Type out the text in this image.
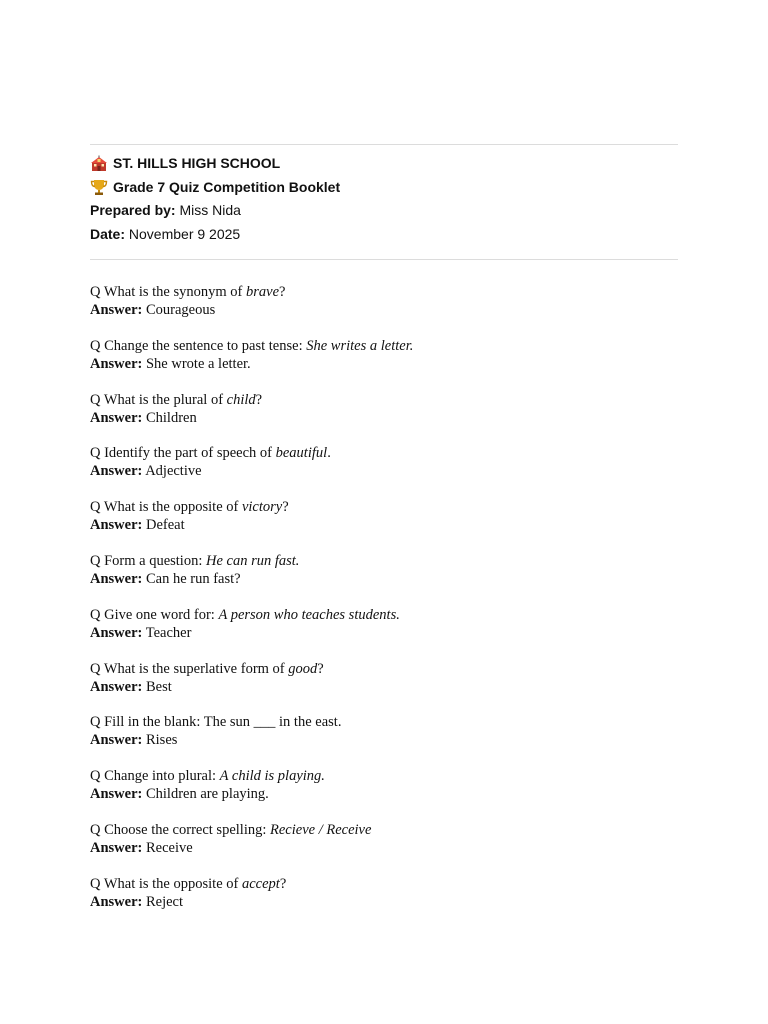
ST. HILLS HIGH SCHOOL
Grade 7 Quiz Competition Booklet
Prepared by:
Miss Nida
Date:
November 9 2025
Q What is the synonym of brave?
Answer: Courageous
Q Change the sentence to past tense: She writes a letter.
Answer: She wrote a letter.
Q What is the plural of child?
Answer: Children
Q Identify the part of speech of beautiful.
Answer: Adjective
Q What is the opposite of victory?
Answer: Defeat
Q Form a question: He can run fast.
Answer: Can he run fast?
Q Give one word for: A person who teaches students.
Answer: Teacher
Q What is the superlative form of good?
Answer: Best
Q Fill in the blank: The sun ___ in the east.
Answer: Rises
Q Change into plural: A child is playing.
Answer: Children are playing.
Q Choose the correct spelling: Recieve / Receive
Answer: Receive
Q What is the opposite of accept?
Answer: Reject
